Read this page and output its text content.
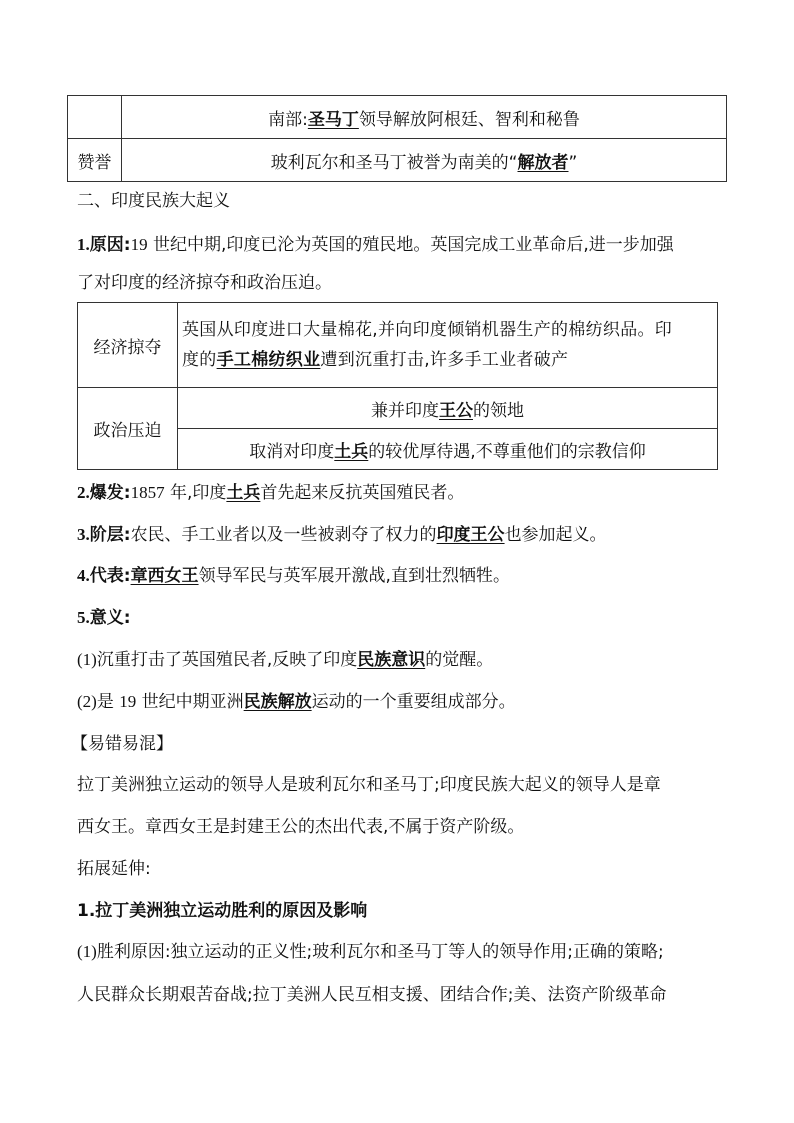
	南部:圣马丁领导解放阿根廷、智利和秘鲁
赞誉	玻利瓦尔和圣马丁被誉为南美的“解放者”
二、印度民族大起义
1.原因:19 世纪中期,印度已沦为英国的殖民地。英国完成工业革命后,进一步加强
了对印度的经济掠夺和政治压迫。
经济掠夺	英国从印度进口大量棉花,并向印度倾销机器生产的棉纺织品。印
度的手工棉纺织业遭到沉重打击,许多手工业者破产

政治压迫	兼并印度王公的领地
	取消对印度土兵的较优厚待遇,不尊重他们的宗教信仰
2.爆发:1857 年,印度土兵首先起来反抗英国殖民者。
3.阶层:农民、手工业者以及一些被剥夺了权力的印度王公也参加起义。
4.代表:章西女王领导军民与英军展开激战,直到壮烈牺牲。
5.意义:
(1)沉重打击了英国殖民者,反映了印度民族意识的觉醒。
(2)是 19 世纪中期亚洲民族解放运动的一个重要组成部分。
【易错易混】
拉丁美洲独立运动的领导人是玻利瓦尔和圣马丁;印度民族大起义的领导人是章
西女王。章西女王是封建王公的杰出代表,不属于资产阶级。
拓展延伸:
1.拉丁美洲独立运动胜利的原因及影响
(1)胜利原因:独立运动的正义性;玻利瓦尔和圣马丁等人的领导作用;正确的策略;
人民群众长期艰苦奋战;拉丁美洲人民互相支援、团结合作;美、法资产阶级革命
